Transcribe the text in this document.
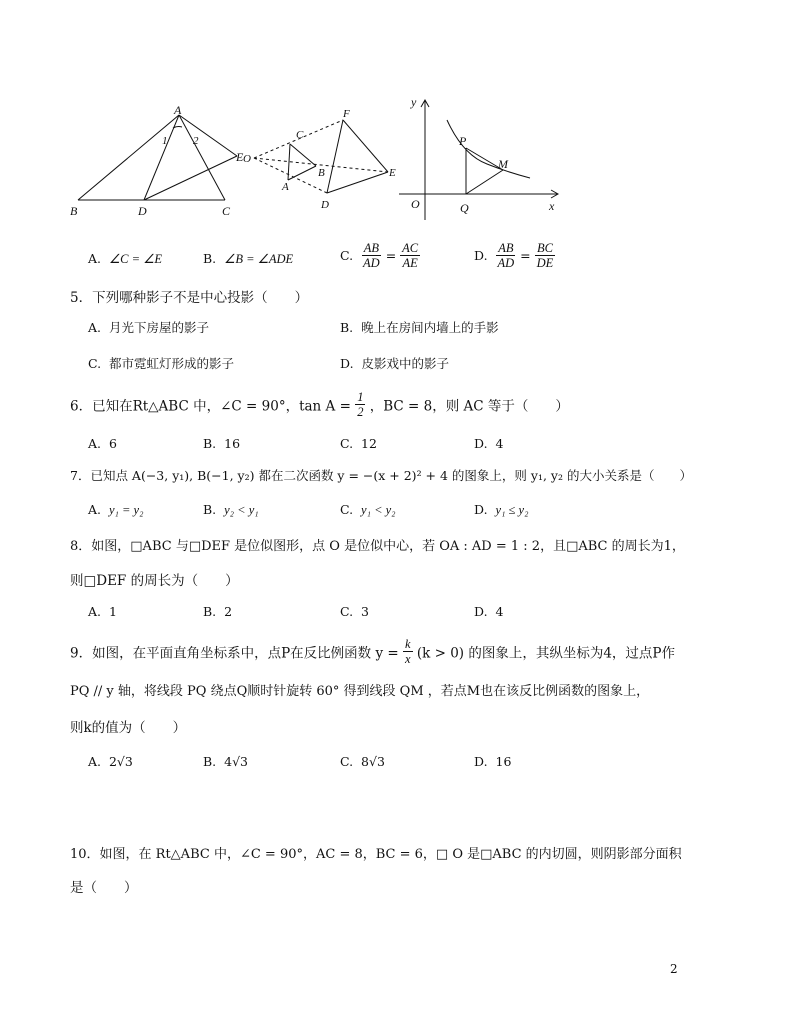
A
1 2
E
B	D	C
O
C
F
B
A
D
E
y
P
M
O	Q	x
A. ∠C = ∠E	B. ∠B = ∠ADE	C. $\frac{AB}{AD} = \frac{AC}{AE}$	D. $\frac{AB}{AD} = \frac{BC}{DE}$
5．下列哪种影子不是中心投影（　　）
A. 月光下房屋的影子	B. 晚上在房间内墙上的手影
C. 都市霓虹灯形成的影子	D. 皮影戏中的影子
6．已知在Rt△ABC 中，∠C = 90°，$\tan A = \frac{1}{2}$ ，BC = 8，则 AC 等于（　　）
A. 6	B. 16	C. 12	D. 4
7．已知点 A(−3, y₁), B(−1, y₂) 都在二次函数 y = −(x + 2)² + 4 的图象上，则 y₁, y₂ 的大小关系是（　　）
A. y₁ = y₂	B. y₂ < y₁	C. y₁ < y₂	D. y₁ ≤ y₂
8．如图，□ABC 与□DEF 是位似图形，点 O 是位似中心，若 OA : AD = 1 : 2，且□ABC 的周长为1，
则□DEF 的周长为（　　）
A. 1	B. 2	C. 3	D. 4
9．如图，在平面直角坐标系中，点P在反比例函数 $y = \frac{k}{x} (k > 0)$ 的图象上，其纵坐标为4，过点P作
PQ // y 轴，将线段 PQ 绕点Q顺时针旋转 60° 得到线段 QM ，若点M也在该反比例函数的图象上，
则k的值为（　　）
A. 2√3	B. 4√3	C. 8√3	D. 16
10．如图，在 Rt△ABC 中，∠C = 90°，AC = 8，BC = 6，□ O 是□ABC 的内切圆，则阴影部分面积
是（　　）
2
